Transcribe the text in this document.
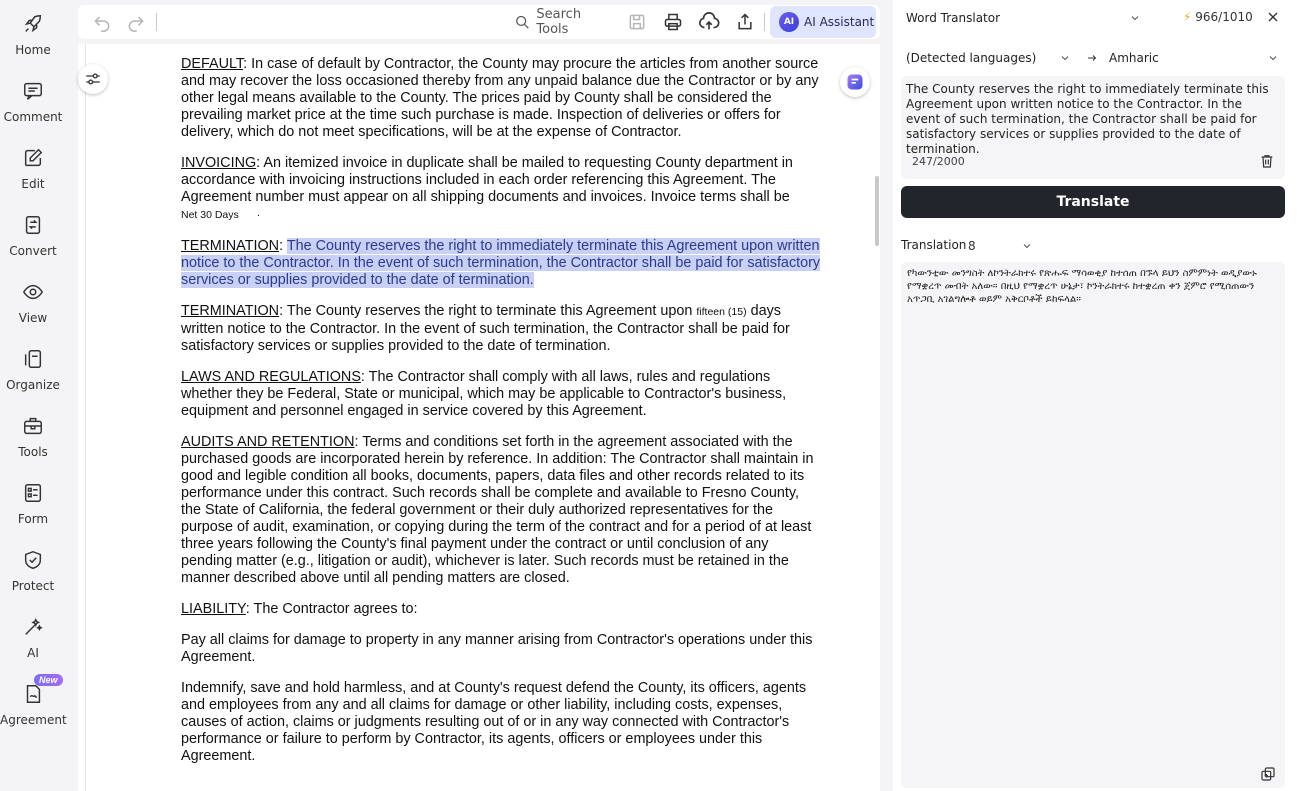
Home
Comment
Edit
Convert
View
Organize
Tools
Form
Protect
AI
New
Agreement
Search Tools	AI AI Assistant

DEFAULT: In case of default by Contractor, the County may procure the articles from another source and may recover the loss occasioned thereby from any unpaid balance due the Contractor or by any other legal means available to the County. The prices paid by County shall be considered the prevailing market price at the time such purchase is made. Inspection of deliveries or offers for delivery, which do not meet specifications, will be at the expense of Contractor.

INVOICING: An itemized invoice in duplicate shall be mailed to requesting County department in accordance with invoicing instructions included in each order referencing this Agreement. The Agreement number must appear on all shipping documents and invoices. Invoice terms shall be
Net 30 Days ·

TERMINATION: The County reserves the right to immediately terminate this Agreement upon written notice to the Contractor. In the event of such termination, the Contractor shall be paid for satisfactory services or supplies provided to the date of termination.

TERMINATION: The County reserves the right to terminate this Agreement upon fifteen (15) days written notice to the Contractor. In the event of such termination, the Contractor shall be paid for satisfactory services or supplies provided to the date of termination.

LAWS AND REGULATIONS: The Contractor shall comply with all laws, rules and regulations whether they be Federal, State or municipal, which may be applicable to Contractor's business, equipment and personnel engaged in service covered by this Agreement.

AUDITS AND RETENTION: Terms and conditions set forth in the agreement associated with the purchased goods are incorporated herein by reference. In addition: The Contractor shall maintain in good and legible condition all books, documents, papers, data files and other records related to its performance under this contract. Such records shall be complete and available to Fresno County, the State of California, the federal government or their duly authorized representatives for the purpose of audit, examination, or copying during the term of the contract and for a period of at least three years following the County's final payment under the contract or until conclusion of any pending matter (e.g., litigation or audit), whichever is later. Such records must be retained in the manner described above until all pending matters are closed.

LIABILITY: The Contractor agrees to:

Pay all claims for damage to property in any manner arising from Contractor's operations under this Agreement.

Indemnify, save and hold harmless, and at County's request defend the County, its officers, agents and employees from any and all claims for damage or other liability, including costs, expenses, causes of action, claims or judgments resulting out of or in any way connected with Contractor's performance or failure to perform by Contractor, its agents, officers or employees under this Agreement.

Word Translator	⚡ 966/1010
(Detected languages)	Amharic
The County reserves the right to immediately terminate this Agreement upon written notice to the Contractor. In the event of such termination, the Contractor shall be paid for satisfactory services or supplies provided to the date of termination.
247/2000
Translate
Translation 8
የካውንቲው መንግስት ለኮንትራክተሩ የጽሑፍ ማሳወቂያ ከተሰጠ በኙላ ይህን ስምምነት ወዲያውኑ የማቋረጥ መብት አለው። በዚህ የማቋረጥ ሁኔታ፣ ኮንትራክተሩ ከተቋረጠ ቀን ጀምሮ የሚሰጠውን አጥጋቢ አገልግሎቶ ወይም አቅርቦቶች ይከፍላል።
